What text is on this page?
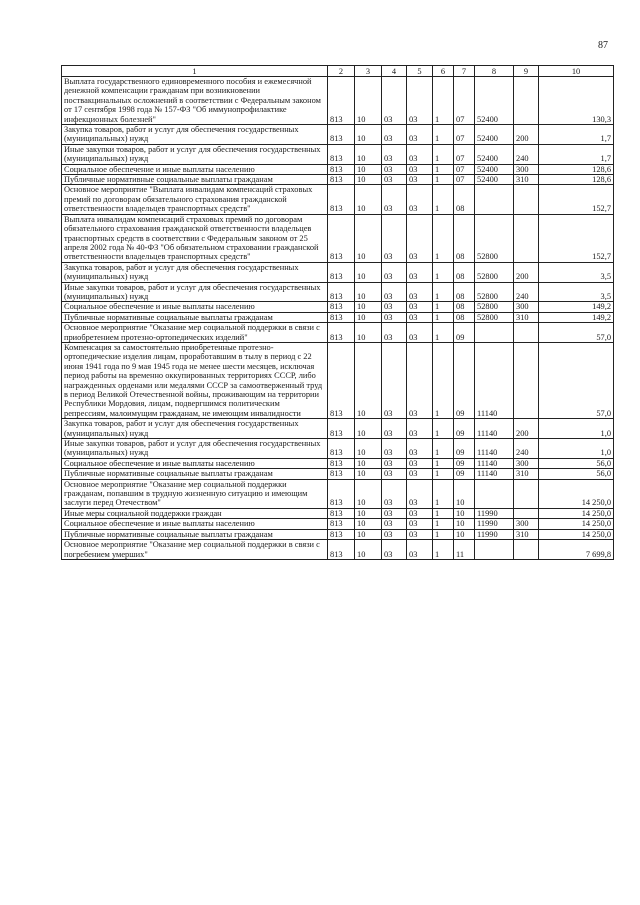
87
1	2	3	4	5	6	7	8	9	10
Выплата государственного единовременного пособия и ежемесячной денежной компенсации гражданам при возникновении поствакцинальных осложнений в соответствии с Федеральным законом от 17 сентября 1998 года № 157-ФЗ "Об иммунопрофилактике инфекционных болезней"	813	10	03	03	1	07	52400		130,3
Закупка товаров, работ и услуг для обеспечения государственных (муниципальных) нужд	813	10	03	03	1	07	52400	200	1,7
Иные закупки товаров, работ и услуг для обеспечения государственных (муниципальных) нужд	813	10	03	03	1	07	52400	240	1,7
Социальное обеспечение и иные выплаты населению	813	10	03	03	1	07	52400	300	128,6
Публичные нормативные социальные выплаты гражданам	813	10	03	03	1	07	52400	310	128,6
Основное мероприятие "Выплата инвалидам компенсаций страховых премий по договорам обязательного страхования гражданской ответственности владельцев транспортных средств"	813	10	03	03	1	08			152,7
Выплата инвалидам компенсаций страховых премий по договорам обязательного страхования гражданской ответственности владельцев транспортных средств в соответствии с Федеральным законом от 25 апреля 2002 года № 40-ФЗ "Об обязательном страховании гражданской ответственности владельцев транспортных средств"	813	10	03	03	1	08	52800		152,7
Закупка товаров, работ и услуг для обеспечения государственных (муниципальных) нужд	813	10	03	03	1	08	52800	200	3,5
Иные закупки товаров, работ и услуг для обеспечения государственных (муниципальных) нужд	813	10	03	03	1	08	52800	240	3,5
Социальное обеспечение и иные выплаты населению	813	10	03	03	1	08	52800	300	149,2
Публичные нормативные социальные выплаты гражданам	813	10	03	03	1	08	52800	310	149,2
Основное мероприятие "Оказание мер социальной поддержки в связи с приобретением протезно-ортопедических изделий"	813	10	03	03	1	09			57,0
Компенсация за самостоятельно приобретенные протезно-ортопедические изделия лицам, проработавшим в тылу в период с 22 июня 1941 года по 9 мая 1945 года не менее шести месяцев, исключая период работы на временно оккупированных территориях СССР, либо награжденных орденами или медалями СССР за самоотверженный труд в период Великой Отечественной войны, проживающим на территории Республики Мордовия, лицам, подвергшимся политическим репрессиям, малоимущим гражданам, не имеющим инвалидности	813	10	03	03	1	09	11140		57,0
Закупка товаров, работ и услуг для обеспечения государственных (муниципальных) нужд	813	10	03	03	1	09	11140	200	1,0
Иные закупки товаров, работ и услуг для обеспечения государственных (муниципальных) нужд	813	10	03	03	1	09	11140	240	1,0
Социальное обеспечение и иные выплаты населению	813	10	03	03	1	09	11140	300	56,0
Публичные нормативные социальные выплаты гражданам	813	10	03	03	1	09	11140	310	56,0
Основное мероприятие "Оказание мер социальной поддержки гражданам, попавшим в трудную жизненную ситуацию и имеющим заслуги перед Отечеством"	813	10	03	03	1	10			14 250,0
Иные меры социальной поддержки граждан	813	10	03	03	1	10	11990		14 250,0
Социальное обеспечение и иные выплаты населению	813	10	03	03	1	10	11990	300	14 250,0
Публичные нормативные социальные выплаты гражданам	813	10	03	03	1	10	11990	310	14 250,0
Основное мероприятие "Оказание мер социальной поддержки в связи с погребением умерших"	813	10	03	03	1	11			7 699,8
